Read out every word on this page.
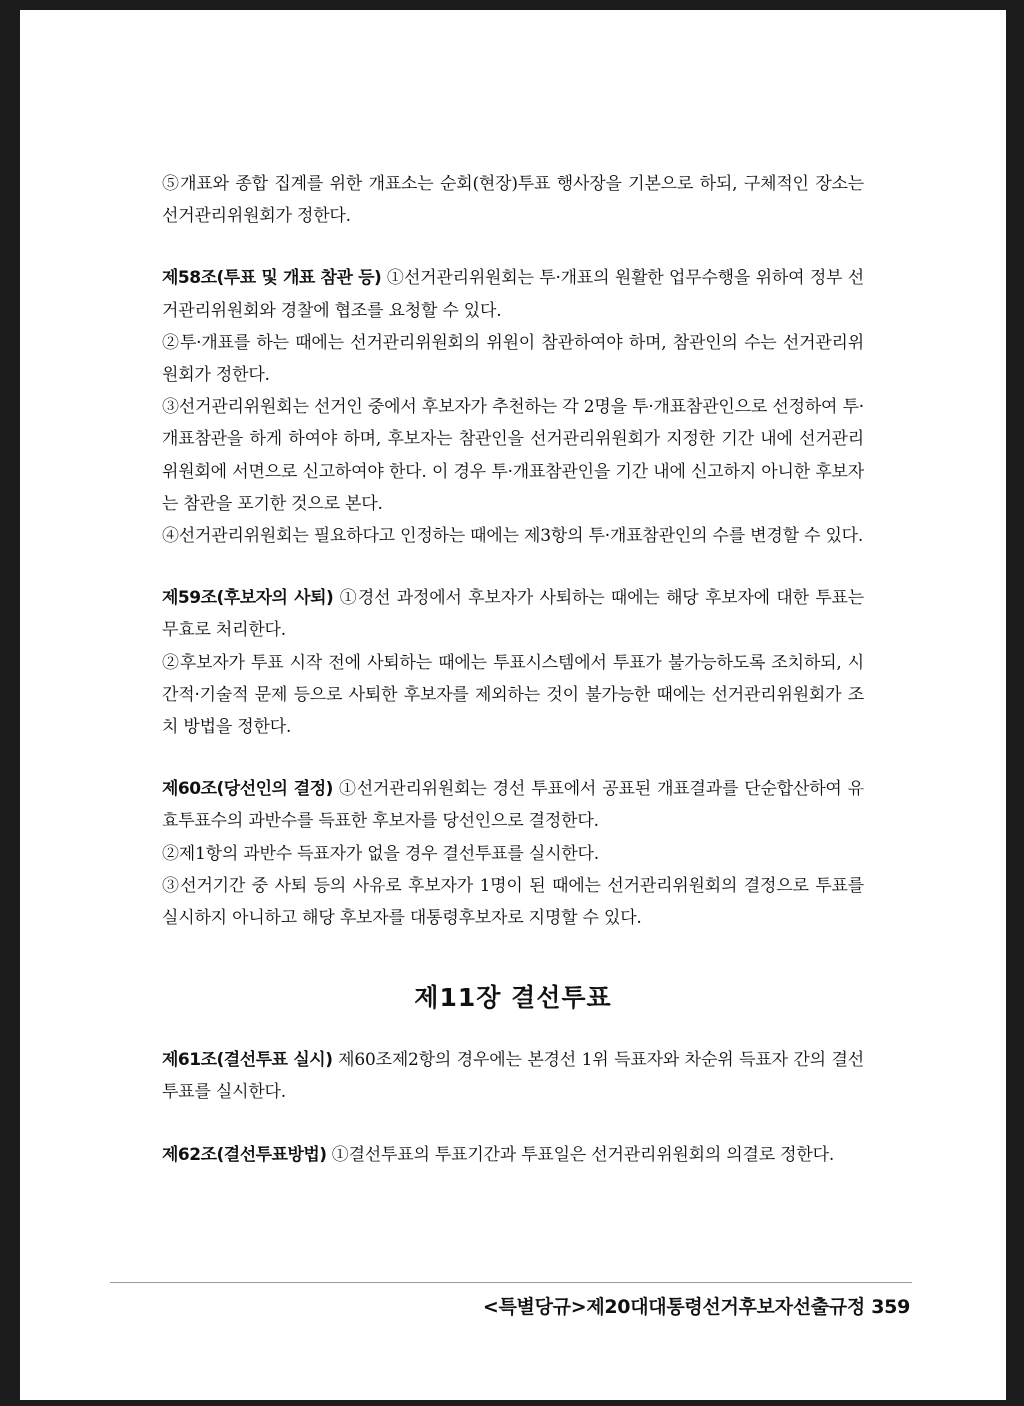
⑤개표와 종합 집계를 위한 개표소는 순회(현장)투표 행사장을 기본으로 하되, 구체적인 장소는 선거관리위원회가 정한다.

제58조(투표 및 개표 참관 등) ①선거관리위원회는 투·개표의 원활한 업무수행을 위하여 정부 선거관리위원회와 경찰에 협조를 요청할 수 있다.

②투·개표를 하는 때에는 선거관리위원회의 위원이 참관하여야 하며, 참관인의 수는 선거관리위원회가 정한다.

③선거관리위원회는 선거인 중에서 후보자가 추천하는 각 2명을 투·개표참관인으로 선정하여 투·개표참관을 하게 하여야 하며, 후보자는 참관인을 선거관리위원회가 지정한 기간 내에 선거관리위원회에 서면으로 신고하여야 한다. 이 경우 투·개표참관인을 기간 내에 신고하지 아니한 후보자는 참관을 포기한 것으로 본다.

④선거관리위원회는 필요하다고 인정하는 때에는 제3항의 투·개표참관인의 수를 변경할 수 있다.

제59조(후보자의 사퇴) ①경선 과정에서 후보자가 사퇴하는 때에는 해당 후보자에 대한 투표는 무효로 처리한다.

②후보자가 투표 시작 전에 사퇴하는 때에는 투표시스템에서 투표가 불가능하도록 조치하되, 시간적·기술적 문제 등으로 사퇴한 후보자를 제외하는 것이 불가능한 때에는 선거관리위원회가 조치 방법을 정한다.

제60조(당선인의 결정) ①선거관리위원회는 경선 투표에서 공표된 개표결과를 단순합산하여 유효투표수의 과반수를 득표한 후보자를 당선인으로 결정한다.

②제1항의 과반수 득표자가 없을 경우 결선투표를 실시한다.

③선거기간 중 사퇴 등의 사유로 후보자가 1명이 된 때에는 선거관리위원회의 결정으로 투표를 실시하지 아니하고 해당 후보자를 대통령후보자로 지명할 수 있다.

제11장 결선투표

제61조(결선투표 실시) 제60조제2항의 경우에는 본경선 1위 득표자와 차순위 득표자 간의 결선투표를 실시한다.

제62조(결선투표방법) ①결선투표의 투표기간과 투표일은 선거관리위원회의 의결로 정한다.

<특별당규>제20대대통령선거후보자선출규정 359
